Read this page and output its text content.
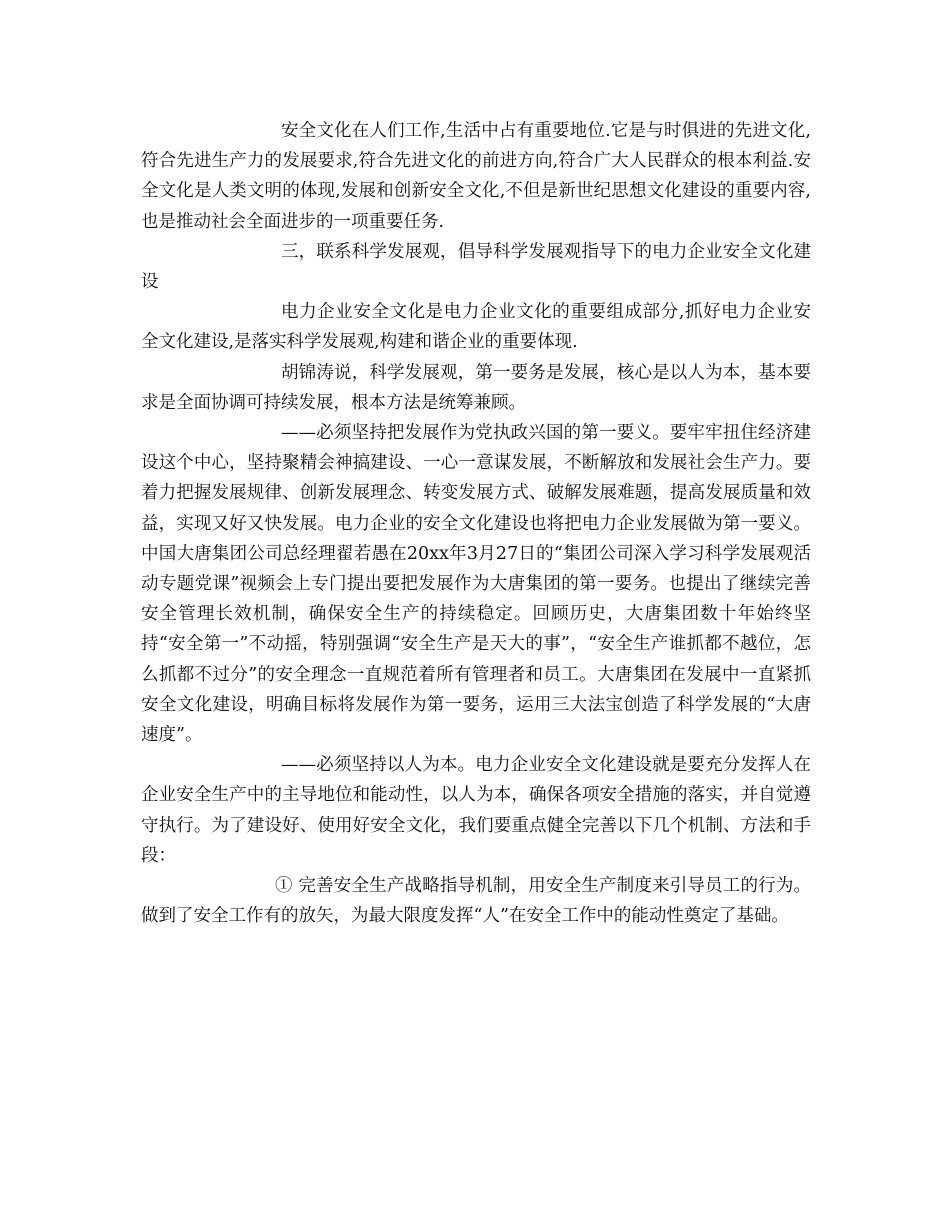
安全文化在人们工作,生活中占有重要地位.它是与时俱进的先进文化,符合先进生产力的发展要求,符合先进文化的前进方向,符合广大人民群众的根本利益.安全文化是人类文明的体现,发展和创新安全文化,不但是新世纪思想文化建设的重要内容,也是推动社会全面进步的一项重要任务.

三，联系科学发展观，倡导科学发展观指导下的电力企业安全文化建设

电力企业安全文化是电力企业文化的重要组成部分,抓好电力企业安全文化建设,是落实科学发展观,构建和谐企业的重要体现.

胡锦涛说，科学发展观，第一要务是发展，核心是以人为本，基本要求是全面协调可持续发展，根本方法是统筹兼顾。

——必须坚持把发展作为党执政兴国的第一要义。要牢牢扭住经济建设这个中心，坚持聚精会神搞建设、一心一意谋发展，不断解放和发展社会生产力。要着力把握发展规律、创新发展理念、转变发展方式、破解发展难题，提高发展质量和效益，实现又好又快发展。电力企业的安全文化建设也将把电力企业发展做为第一要义。中国大唐集团公司总经理翟若愚在20xx年3月27日的“集团公司深入学习科学发展观活动专题党课”视频会上专门提出要把发展作为大唐集团的第一要务。也提出了继续完善安全管理长效机制，确保安全生产的持续稳定。回顾历史，大唐集团数十年始终坚持“安全第一”不动摇，特别强调“安全生产是天大的事”，“安全生产谁抓都不越位，怎么抓都不过分”的安全理念一直规范着所有管理者和员工。大唐集团在发展中一直紧抓安全文化建设，明确目标将发展作为第一要务，运用三大法宝创造了科学发展的“大唐速度”。

——必须坚持以人为本。电力企业安全文化建设就是要充分发挥人在企业安全生产中的主导地位和能动性，以人为本，确保各项安全措施的落实，并自觉遵守执行。为了建设好、使用好安全文化，我们要重点健全完善以下几个机制、方法和手段：

① 完善安全生产战略指导机制，用安全生产制度来引导员工的行为。做到了安全工作有的放矢，为最大限度发挥“人”在安全工作中的能动性奠定了基础。
